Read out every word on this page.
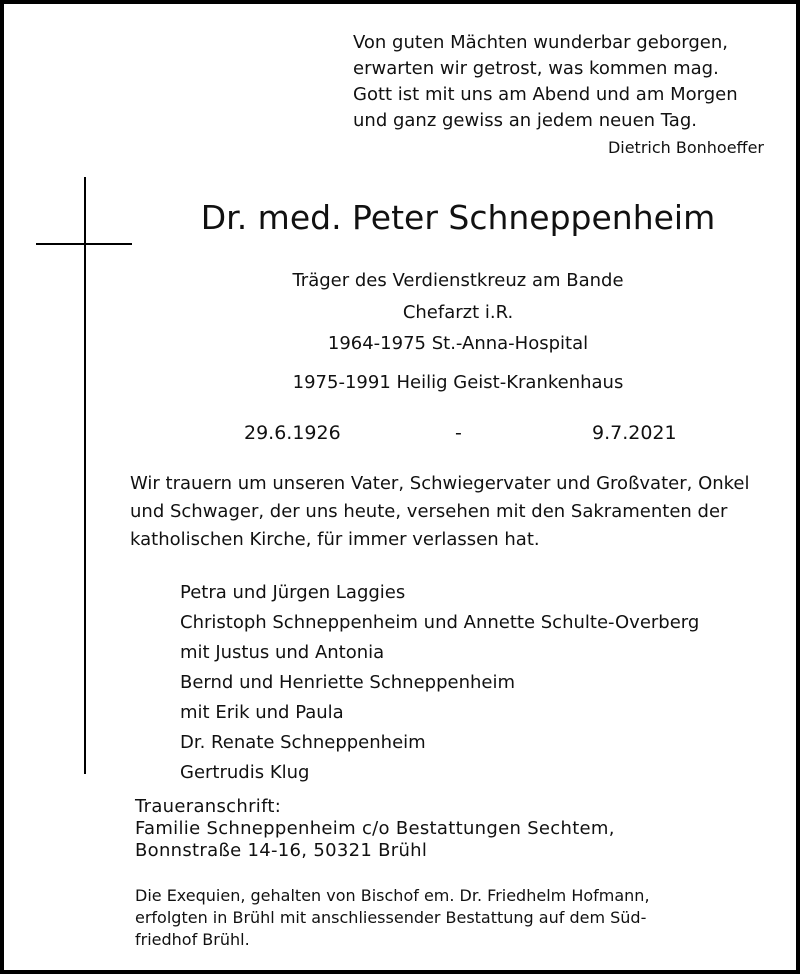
Von guten Mächten wunderbar geborgen,
erwarten wir getrost, was kommen mag.
Gott ist mit uns am Abend und am Morgen
und ganz gewiss an jedem neuen Tag.
Dietrich Bonhoeffer
Dr. med. Peter Schneppenheim
Träger des Verdienstkreuz am Bande
Chefarzt i.R.
1964-1975 St.-Anna-Hospital
1975-1991 Heilig Geist-Krankenhaus
29.6.1926	-	9.7.2021
Wir trauern um unseren Vater, Schwiegervater und Großvater, Onkel
und Schwager, der uns heute, versehen mit den Sakramenten der
katholischen Kirche, für immer verlassen hat.
Petra und Jürgen Laggies
Christoph Schneppenheim und Annette Schulte-Overberg
mit Justus und Antonia
Bernd und Henriette Schneppenheim
mit Erik und Paula
Dr. Renate Schneppenheim
Gertrudis Klug
Traueranschrift:
Familie Schneppenheim c/o Bestattungen Sechtem,
Bonnstraße 14-16, 50321 Brühl
Die Exequien, gehalten von Bischof em. Dr. Friedhelm Hofmann,
erfolgten in Brühl mit anschliessender Bestattung auf dem Süd-
friedhof Brühl.
